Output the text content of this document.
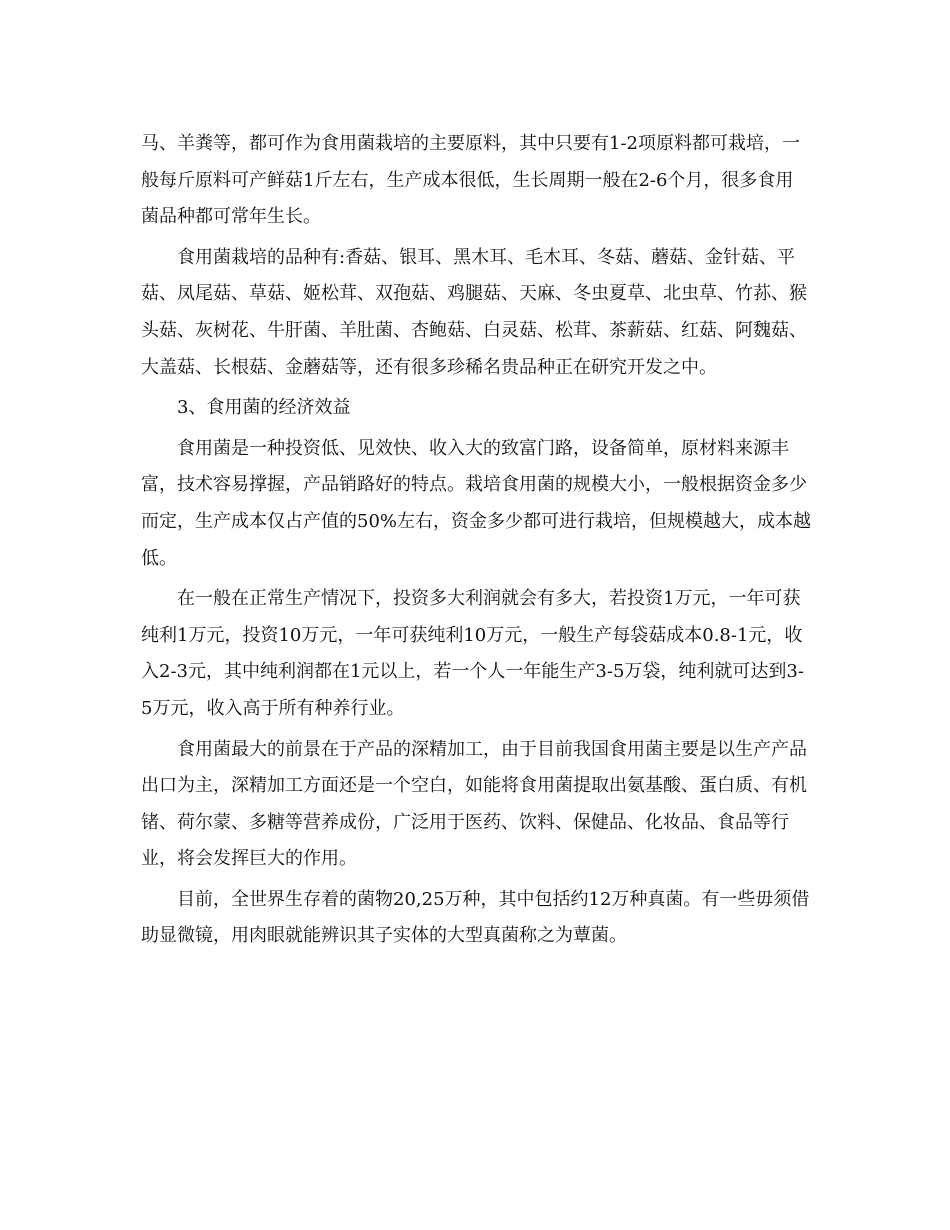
马、羊粪等，都可作为食用菌栽培的主要原料，其中只要有1-2项原料都可栽培，一般每斤原料可产鲜菇1斤左右，生产成本很低，生长周期一般在2-6个月，很多食用菌品种都可常年生长。

食用菌栽培的品种有:香菇、银耳、黑木耳、毛木耳、冬菇、蘑菇、金针菇、平菇、凤尾菇、草菇、姬松茸、双孢菇、鸡腿菇、天麻、冬虫夏草、北虫草、竹荪、猴头菇、灰树花、牛肝菌、羊肚菌、杏鲍菇、白灵菇、松茸、茶薪菇、红菇、阿魏菇、大盖菇、长根菇、金蘑菇等，还有很多珍稀名贵品种正在研究开发之中。

3、食用菌的经济效益

食用菌是一种投资低、见效快、收入大的致富门路，设备简单，原材料来源丰富，技术容易撑握，产品销路好的特点。栽培食用菌的规模大小，一般根据资金多少而定，生产成本仅占产值的50%左右，资金多少都可进行栽培，但规模越大，成本越低。

在一般在正常生产情况下，投资多大利润就会有多大，若投资1万元，一年可获纯利1万元，投资10万元，一年可获纯利10万元，一般生产每袋菇成本0.8-1元，收入2-3元，其中纯利润都在1元以上，若一个人一年能生产3-5万袋，纯利就可达到3-5万元，收入高于所有种养行业。

食用菌最大的前景在于产品的深精加工，由于目前我国食用菌主要是以生产产品出口为主，深精加工方面还是一个空白，如能将食用菌提取出氨基酸、蛋白质、有机锗、荷尔蒙、多糖等营养成份，广泛用于医药、饮料、保健品、化妆品、食品等行业，将会发挥巨大的作用。

目前，全世界生存着的菌物20,25万种，其中包括约12万种真菌。有一些毋须借助显微镜，用肉眼就能辨识其子实体的大型真菌称之为蕈菌。
